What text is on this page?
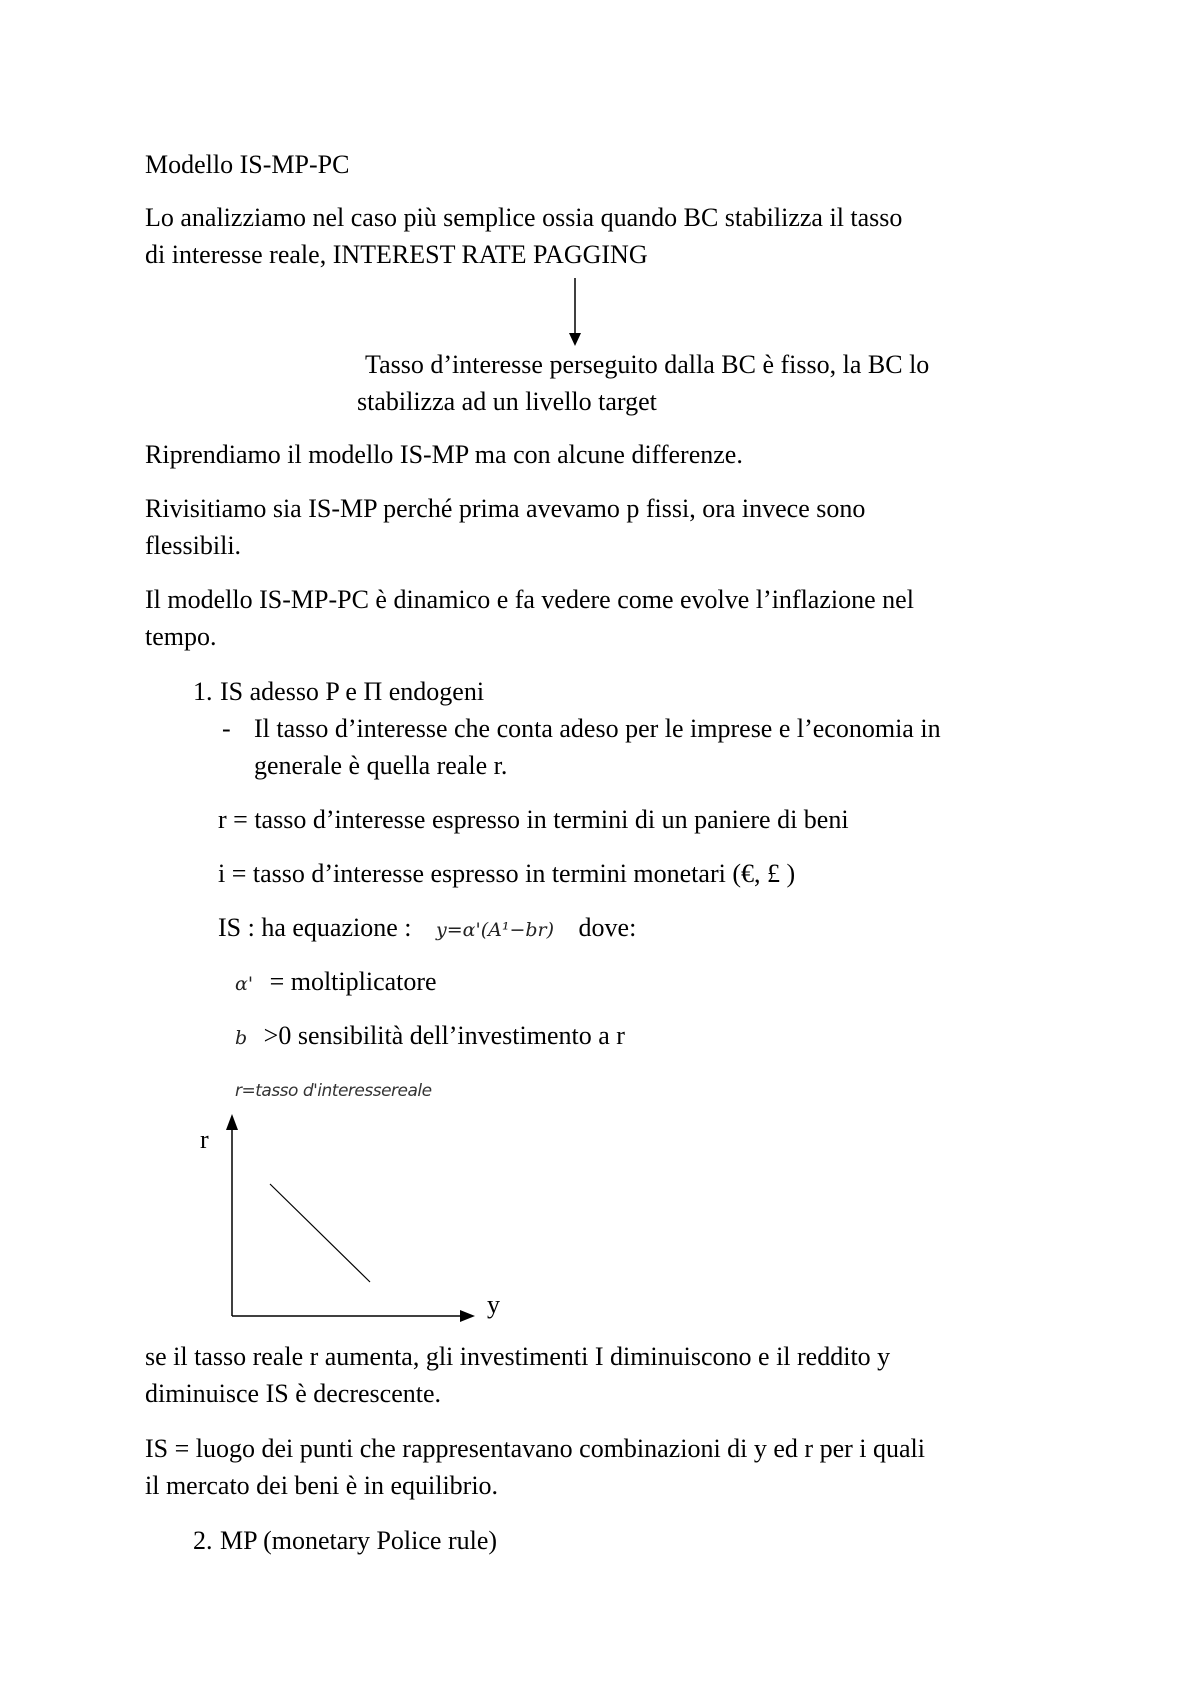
Modello IS-MP-PC
Lo analizziamo nel caso più semplice ossia quando BC stabilizza il tasso
di interesse reale, INTEREST RATE PAGGING
Tasso d’interesse perseguito dalla BC è fisso, la BC lo
stabilizza ad un livello target
Riprendiamo il modello IS-MP ma con alcune differenze.
Rivisitiamo sia IS-MP perché prima avevamo p fissi, ora invece sono
flessibili.
Il modello IS-MP-PC è dinamico e fa vedere come evolve l’inflazione nel
tempo.
1. IS adesso P e Π endogeni
- Il tasso d’interesse che conta adeso per le imprese e l’economia in
generale è quella reale r.
r = tasso d’interesse espresso in termini di un paniere di beni
i = tasso d’interesse espresso in termini monetari (€, £ )
IS : ha equazione : y=α'(A¹−br) dove:
α' = moltiplicatore
b >0 sensibilità dell’investimento a r
r=tasso d'interessereale
r
y
se il tasso reale r aumenta, gli investimenti I diminuiscono e il reddito y
diminuisce IS è decrescente.
IS = luogo dei punti che rappresentavano combinazioni di y ed r per i quali
il mercato dei beni è in equilibrio.
2. MP (monetary Police rule)
